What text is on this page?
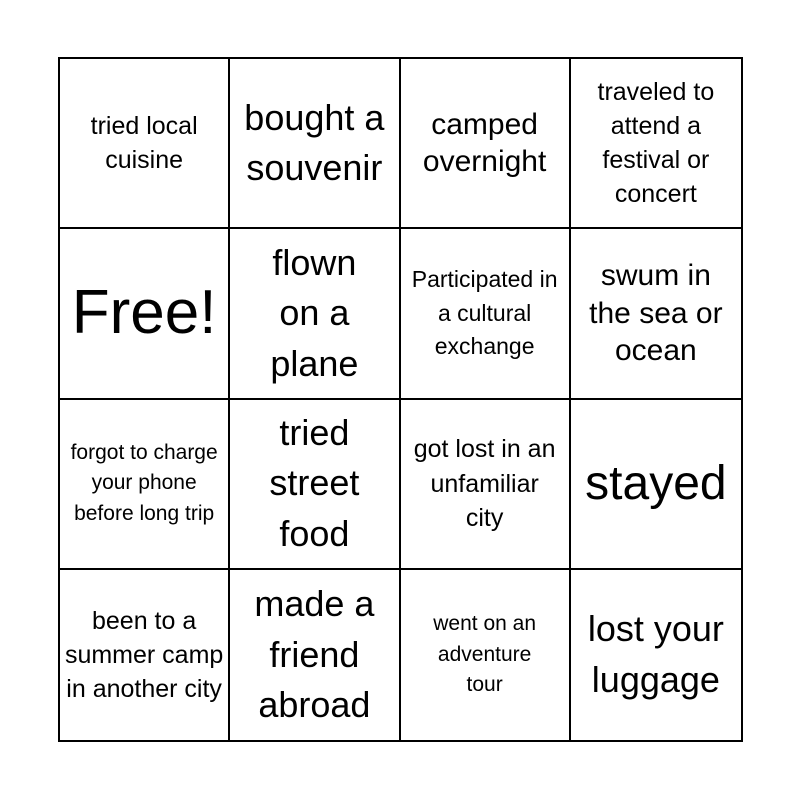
tried local cuisine
bought a souvenir
camped overnight
traveled to attend a festival or concert
Free!
flown on a plane
Participated in a cultural exchange
swum in the sea or ocean
forgot to charge your phone before long trip
tried street food
got lost in an unfamiliar city
stayed
been to a summer camp in another city
made a friend abroad
went on an adventure tour
lost your luggage
